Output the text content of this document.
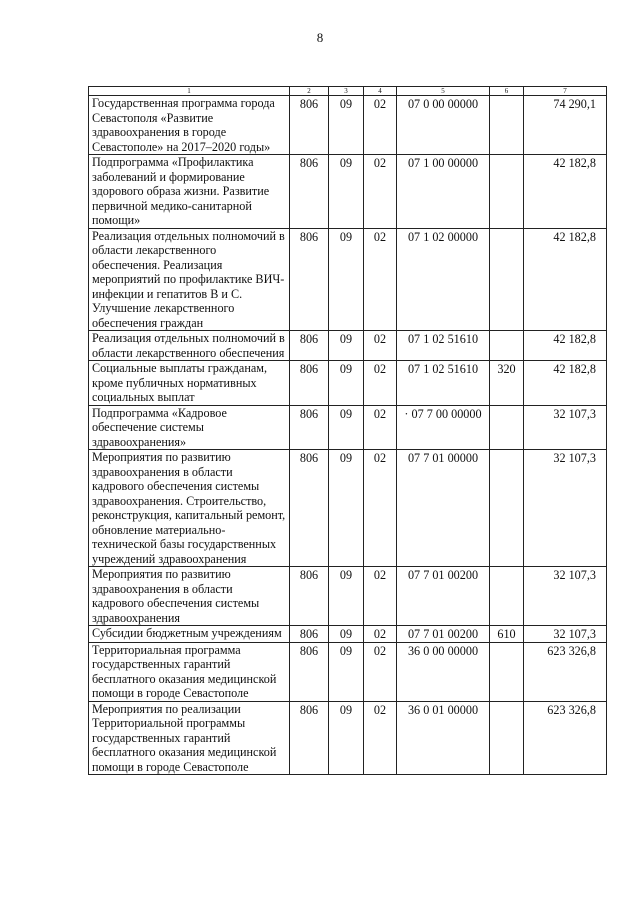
8
1	2	3	4	5	6	7
Государственная программа города Севастополя «Развитие здравоохранения в городе Севастополе» на 2017–2020 годы»	806	09	02	07 0 00 00000		74 290,1
Подпрограмма «Профилактика заболеваний и формирование здорового образа жизни. Развитие первичной медико-санитарной помощи»	806	09	02	07 1 00 00000		42 182,8
Реализация отдельных полномочий в области лекарственного обеспечения. Реализация мероприятий по профилактике ВИЧ-инфекции и гепатитов В и С. Улучшение лекарственного обеспечения граждан	806	09	02	07 1 02 00000		42 182,8
Реализация отдельных полномочий в области лекарственного обеспечения	806	09	02	07 1 02 51610		42 182,8
Социальные выплаты гражданам, кроме публичных нормативных социальных выплат	806	09	02	07 1 02 51610	320	42 182,8
Подпрограмма «Кадровое обеспечение системы здравоохранения»	806	09	02	· 07 7 00 00000		32 107,3
Мероприятия по развитию здравоохранения в области кадрового обеспечения системы здравоохранения. Строительство, реконструкция, капитальный ремонт, обновление материально-технической базы государственных учреждений здравоохранения	806	09	02	07 7 01 00000		32 107,3
Мероприятия по развитию здравоохранения в области кадрового обеспечения системы здравоохранения	806	09	02	07 7 01 00200		32 107,3
Субсидии бюджетным учреждениям	806	09	02	07 7 01 00200	610	32 107,3
Территориальная программа государственных гарантий бесплатного оказания медицинской помощи в городе Севастополе	806	09	02	36 0 00 00000		623 326,8
Мероприятия по реализации Территориальной программы государственных гарантий бесплатного оказания медицинской помощи в городе Севастополе	806	09	02	36 0 01 00000		623 326,8
